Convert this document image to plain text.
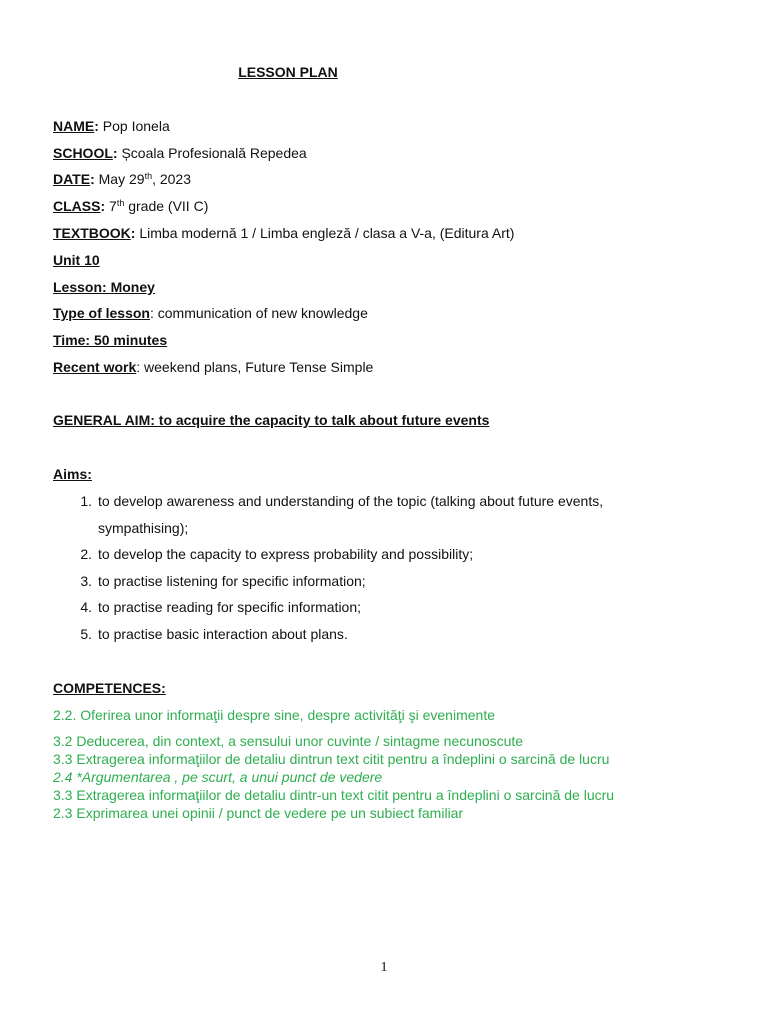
LESSON PLAN
NAME: Pop Ionela
SCHOOL: Școala Profesională Repedea
DATE: May 29th, 2023
CLASS: 7th grade (VII C)
TEXTBOOK: Limba modernă 1 / Limba engleză / clasa a V-a, (Editura Art)
Unit 10
Lesson: Money
Type of lesson: communication of new knowledge
Time: 50 minutes
Recent work: weekend plans, Future Tense Simple
GENERAL AIM: to acquire the capacity to talk about future events
Aims:
1. to develop awareness and understanding of the topic (talking about future events,
sympathising);
2. to develop the capacity to express probability and possibility;
3. to practise listening for specific information;
4. to practise reading for specific information;
5. to practise basic interaction about plans.
COMPETENCES:
2.2. Oferirea unor informaţii despre sine, despre activităţi şi evenimente
3.2 Deducerea, din context, a sensului unor cuvinte / sintagme necunoscute
3.3 Extragerea informaţiilor de detaliu dintrun text citit pentru a îndeplini o sarcină de lucru
2.4 *Argumentarea , pe scurt, a unui punct de vedere
3.3 Extragerea informaţiilor de detaliu dintr-un text citit pentru a îndeplini o sarcină de lucru
2.3 Exprimarea unei opinii / punct de vedere pe un subiect familiar
1
